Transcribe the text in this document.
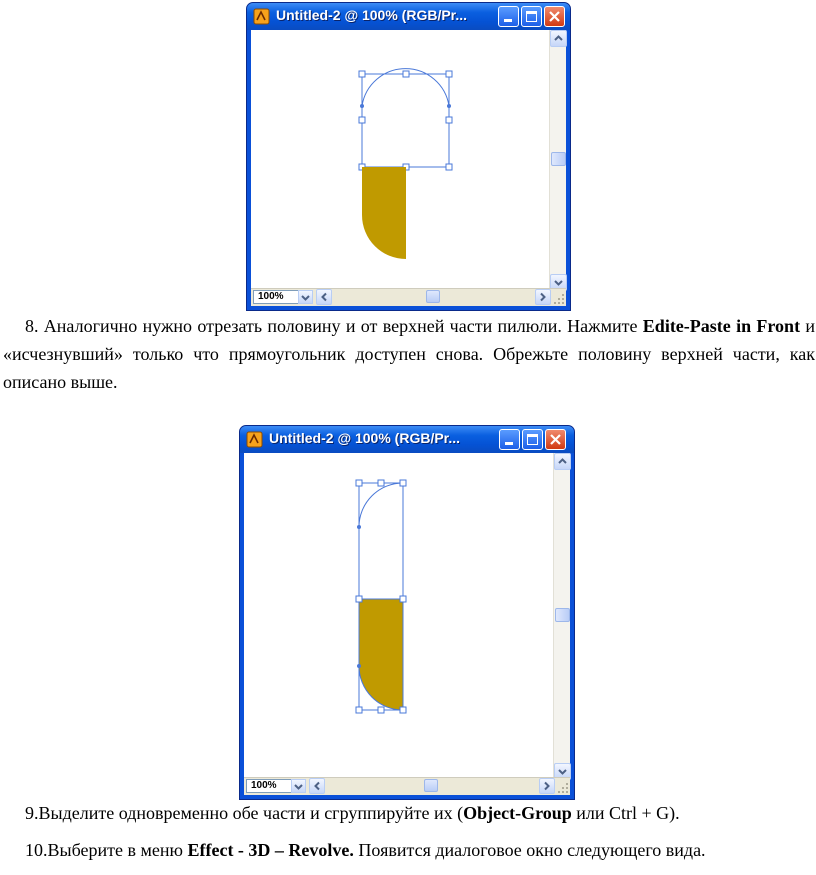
Untitled-2 @ 100% (RGB/Pr...
100%
8. Аналогично нужно отрезать половину и от верхней части пилюли. Нажмите Edite-Paste in Front и «исчезнувший» только что прямоугольник доступен снова. Обрежьте половину верхней части, как описано выше.
Untitled-2 @ 100% (RGB/Pr...
100%
9.Выделите одновременно обе части и сгруппируйте их (Object-Group или Ctrl + G).
10.Выберите в меню Effect - 3D – Revolve. Появится диалоговое окно следующего вида.
